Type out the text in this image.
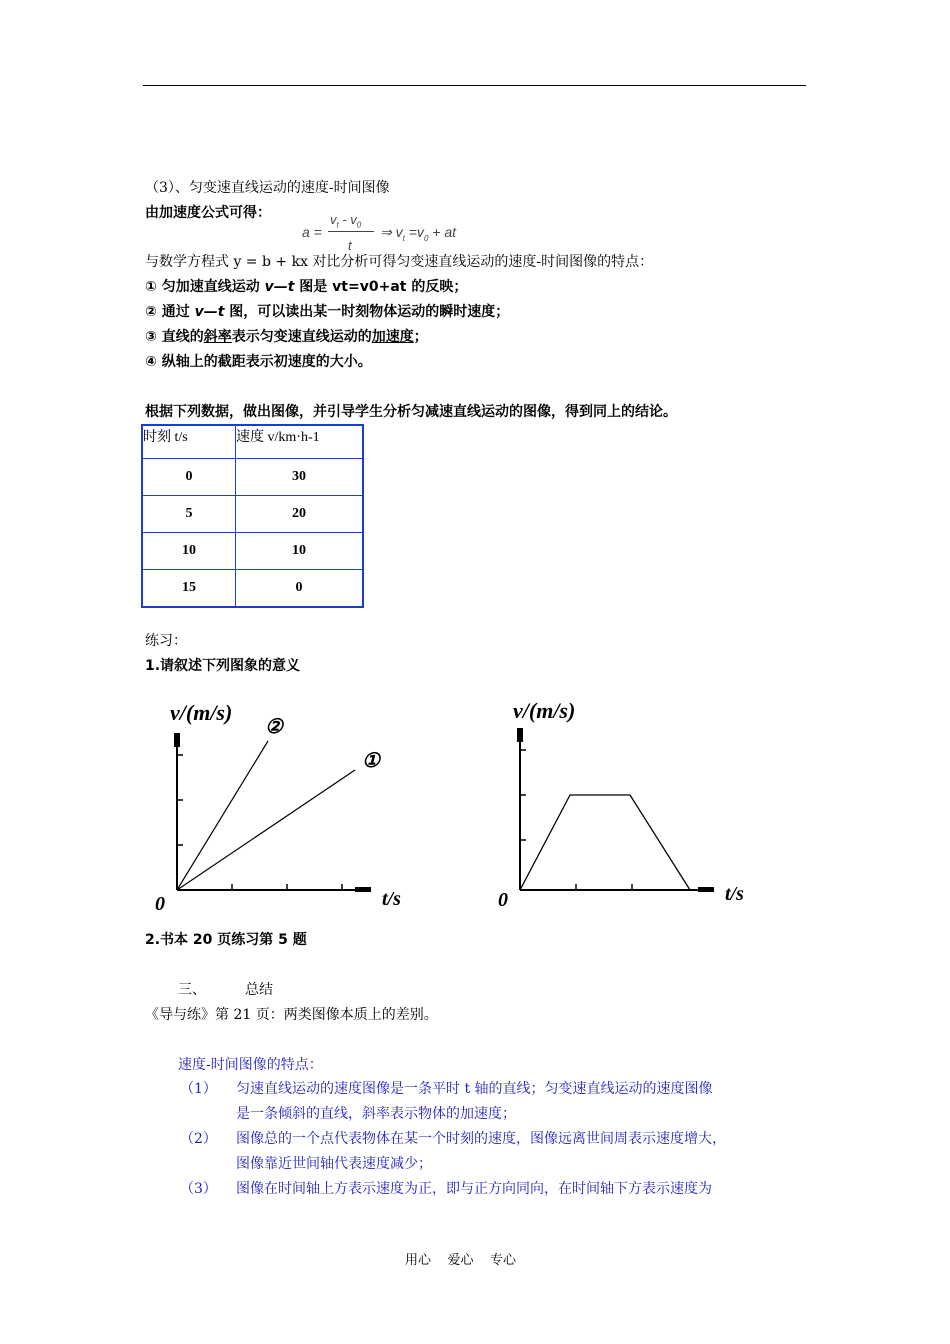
（3）、匀变速直线运动的速度-时间图像
由加速度公式可得：
a =
$v_t - v_0$
t
⇒ $v_t =v_0$ + at
与数学方程式 y = b + kx 对比分析可得匀变速直线运动的速度-时间图像的特点：
① 匀加速直线运动 v—t 图是 vt=v0+at 的反映；
② 通过 v—t 图，可以读出某一时刻物体运动的瞬时速度；
③ 直线的斜率表示匀变速直线运动的加速度；
④ 纵轴上的截距表示初速度的大小。
根据下列数据，做出图像，并引导学生分析匀减速直线运动的图像，得到同上的结论。
时刻 t/s	速度 v/km·h-1
0	30
5	20
10	10
15	0
练习：
1.请叙述下列图象的意义
v/(m/s)
t/s
0
②
①
v/(m/s)
t/s
0
2.书本 20 页练习第 5 题
三、	总结
《导与练》第 21 页：两类图像本质上的差别。
速度-时间图像的特点：
（1） 匀速直线运动的速度图像是一条平时 t 轴的直线；匀变速直线运动的速度图像
是一条倾斜的直线，斜率表示物体的加速度；
（2） 图像总的一个点代表物体在某一个时刻的速度，图像远离世间周表示速度增大，
图像靠近世间轴代表速度减少；
（3） 图像在时间轴上方表示速度为正，即与正方向同向，在时间轴下方表示速度为
用心    爱心    专心
